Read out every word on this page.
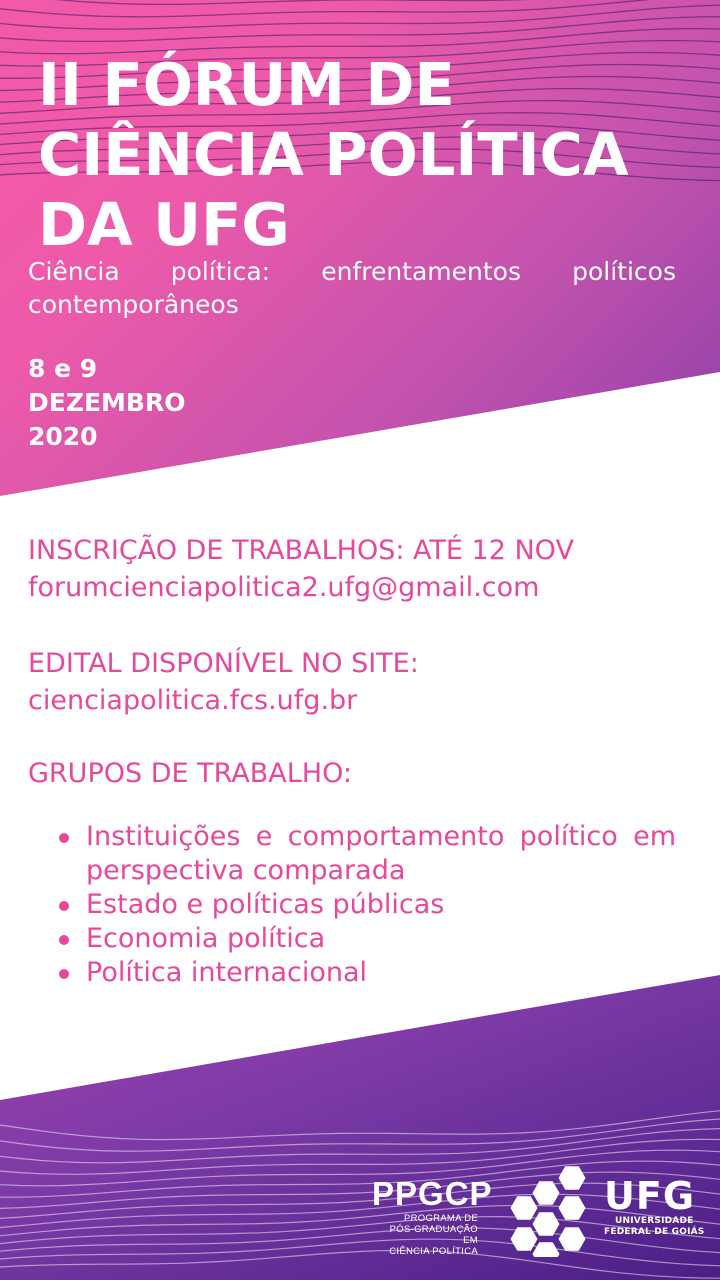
II FÓRUM DE
CIÊNCIA POLÍTICA
DA UFG

Ciência política: enfrentamentos políticos contemporâneos

8 e 9
DEZEMBRO
2020

INSCRIÇÃO DE TRABALHOS: ATÉ 12 NOV
forumcienciapolitica2.ufg@gmail.com
EDITAL DISPONÍVEL NO SITE:
cienciapolitica.fcs.ufg.br
GRUPOS DE TRABALHO:
Instituições e comportamento político em perspectiva comparada
Estado e políticas públicas
Economia política
Política internacional
PPGCP
PROGRAMA DE
PÓS-GRADUAÇÃO EM
CIÊNCIA POLÍTICA
UFG
UNIVERSIDADE
FEDERAL DE GOIÁS
